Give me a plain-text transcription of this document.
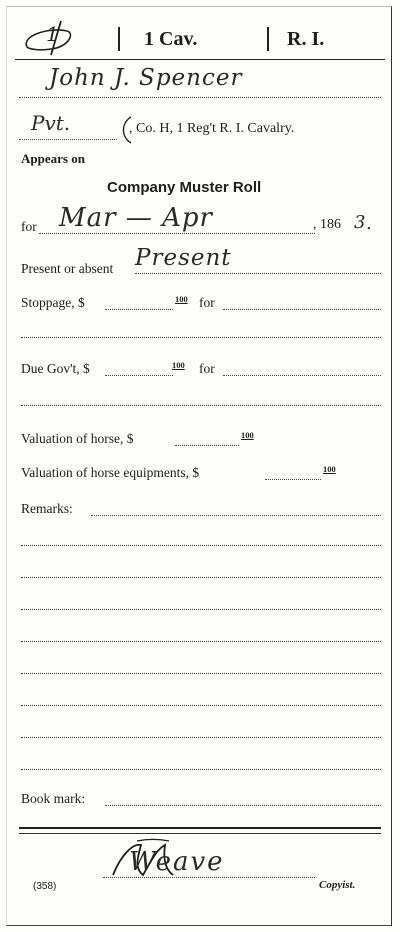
1	1 Cav.	R. I.
John J. Spencer
Pvt.	, Co. H, 1 Reg't R. I. Cavalry.
Appears on
Company Muster Roll
for Mar — Apr	, 186 3 .
Present or absent Present
Stoppage, $	100 for
Due Gov't, $	100 for
Valuation of horse, $	100
Valuation of horse equipments, $	100
Remarks:
Book mark:
Weave
(358)	Copyist.
